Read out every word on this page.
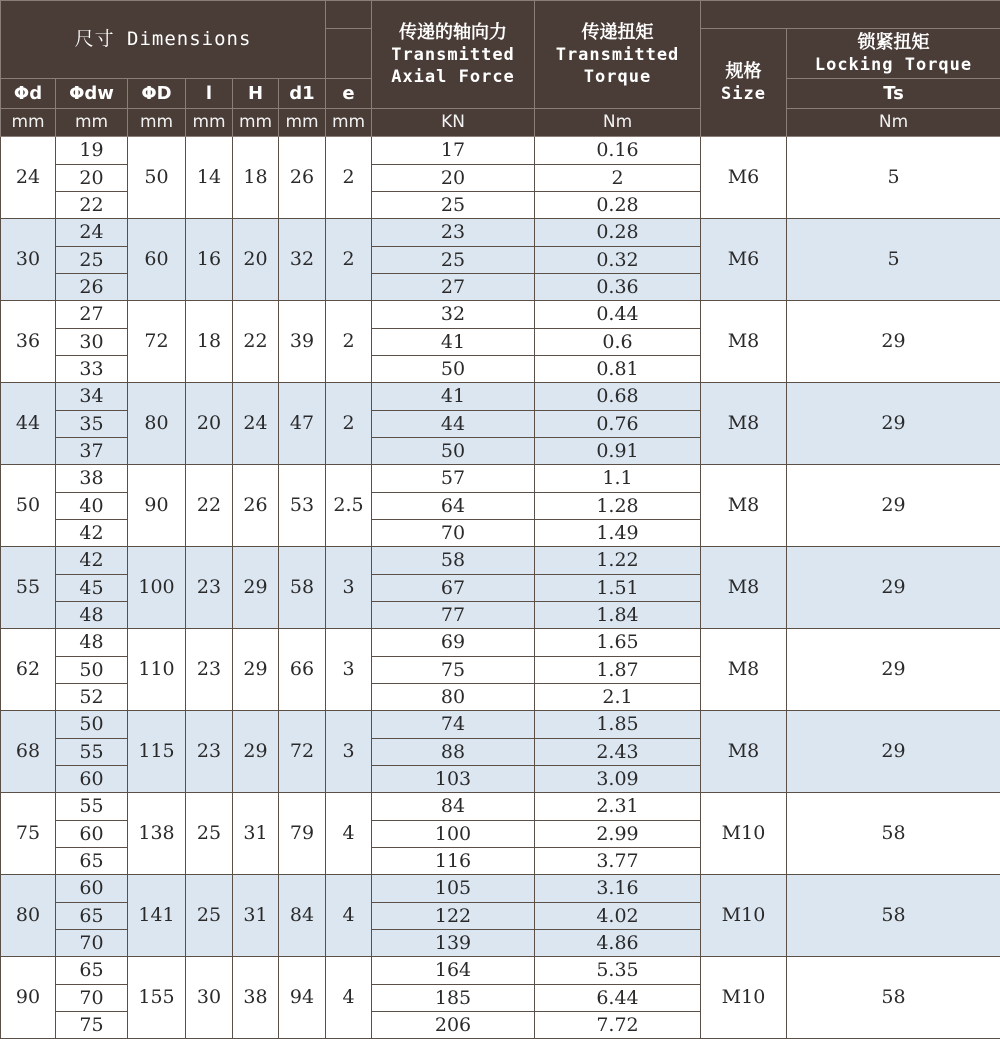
尺寸 Dimensions							传递的轴向力
Transmitted
Axial Force	传递扭矩
Transmitted
Torque		

									规格
Size	锁紧扭矩
Locking Torque

Φd	Φdw	ΦD	l	H	d1	e				Ts
mm	mm	mm	mm	mm	mm	mm	KN	Nm		Nm
24	19	50	14	18	26	2	17	0.16	M6	5
	20						20	2		
	22						25	0.28		
30	24	60	16	20	32	2	23	0.28	M6	5
	25						25	0.32		
	26						27	0.36		
36	27	72	18	22	39	2	32	0.44	M8	29
	30						41	0.6		
	33						50	0.81		
44	34	80	20	24	47	2	41	0.68	M8	29
	35						44	0.76		
	37						50	0.91		
50	38	90	22	26	53	2.5	57	1.1	M8	29
	40						64	1.28		
	42						70	1.49		
55	42	100	23	29	58	3	58	1.22	M8	29
	45						67	1.51		
	48						77	1.84		
62	48	110	23	29	66	3	69	1.65	M8	29
	50						75	1.87		
	52						80	2.1		
68	50	115	23	29	72	3	74	1.85	M8	29
	55						88	2.43		
	60						103	3.09		
75	55	138	25	31	79	4	84	2.31	M10	58
	60						100	2.99		
	65						116	3.77		
80	60	141	25	31	84	4	105	3.16	M10	58
	65						122	4.02		
	70						139	4.86		
90	65	155	30	38	94	4	164	5.35	M10	58
	70						185	6.44		
	75						206	7.72		
